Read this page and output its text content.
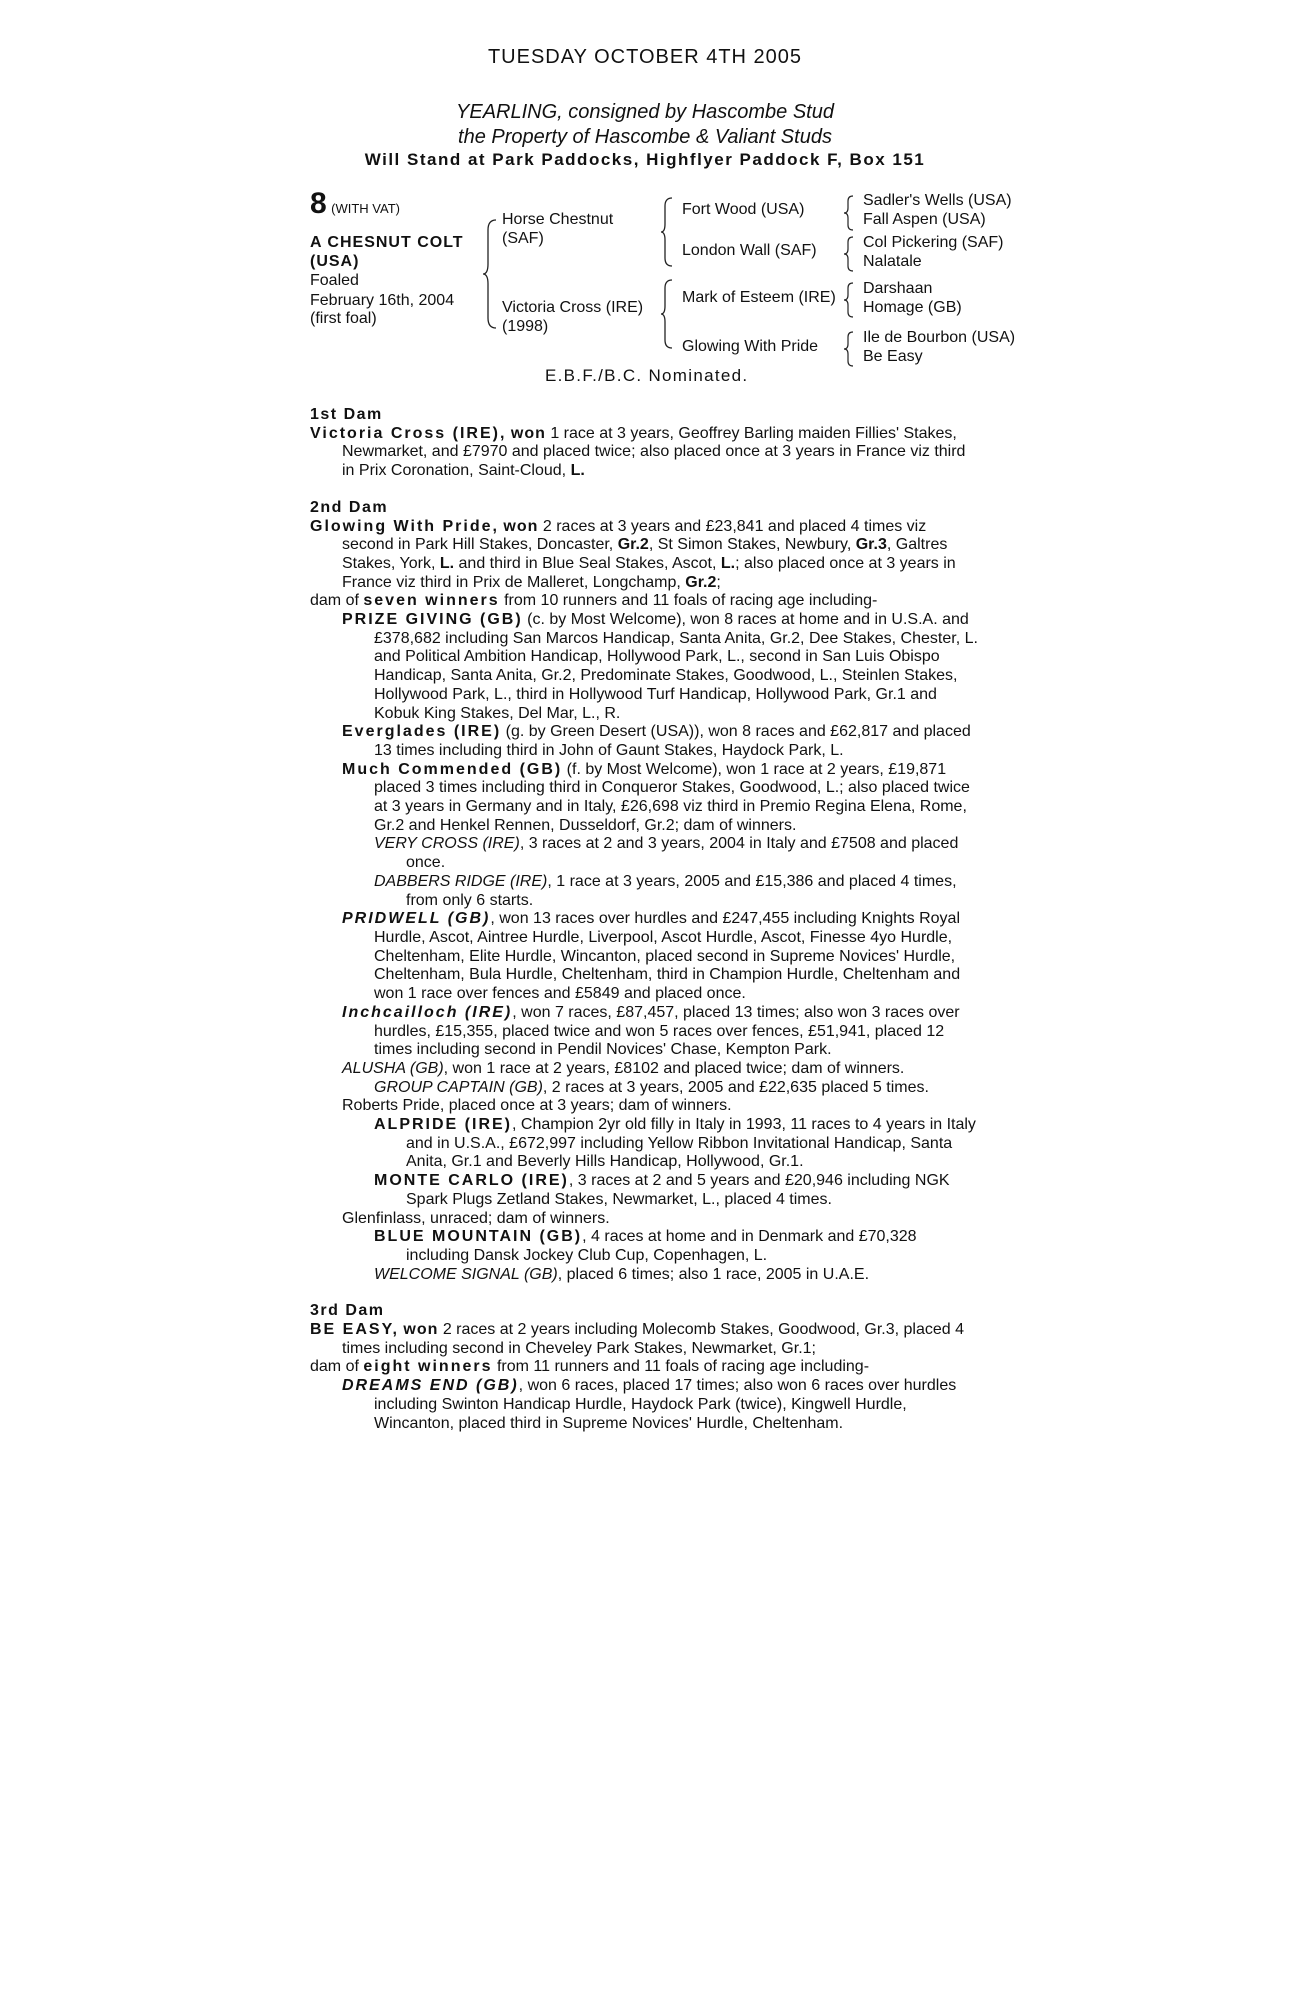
TUESDAY OCTOBER 4TH 2005
YEARLING, consigned by Hascombe Stud
the Property of Hascombe & Valiant Studs
Will Stand at Park Paddocks, Highflyer Paddock F, Box 151
8 (WITH VAT)
A CHESNUT COLT
(USA)
Foaled
February 16th, 2004
(first foal)
Horse Chestnut
(SAF)
Victoria Cross (IRE)
(1998)
Fort Wood (USA)
London Wall (SAF)
Mark of Esteem (IRE)
Glowing With Pride
Sadler's Wells (USA)
Fall Aspen (USA)
Col Pickering (SAF)
Nalatale
Darshaan
Homage (GB)
Ile de Bourbon (USA)
Be Easy
E.B.F./B.C. Nominated.

1st Dam

Victoria Cross (IRE), won 1 race at 3 years, Geoffrey Barling maiden Fillies' Stakes, Newmarket, and £7970 and placed twice; also placed once at 3 years in France viz third in Prix Coronation, Saint-Cloud, L.

2nd Dam

Glowing With Pride, won 2 races at 3 years and £23,841 and placed 4 times viz second in Park Hill Stakes, Doncaster, Gr.2, St Simon Stakes, Newbury, Gr.3, Galtres Stakes, York, L. and third in Blue Seal Stakes, Ascot, L.; also placed once at 3 years in France viz third in Prix de Malleret, Longchamp, Gr.2;

dam of seven winners from 10 runners and 11 foals of racing age including-

PRIZE GIVING (GB) (c. by Most Welcome), won 8 races at home and in U.S.A. and £378,682 including San Marcos Handicap, Santa Anita, Gr.2, Dee Stakes, Chester, L. and Political Ambition Handicap, Hollywood Park, L., second in San Luis Obispo Handicap, Santa Anita, Gr.2, Predominate Stakes, Goodwood, L., Steinlen Stakes, Hollywood Park, L., third in Hollywood Turf Handicap, Hollywood Park, Gr.1 and Kobuk King Stakes, Del Mar, L., R.

Everglades (IRE) (g. by Green Desert (USA)), won 8 races and £62,817 and placed 13 times including third in John of Gaunt Stakes, Haydock Park, L.

Much Commended (GB) (f. by Most Welcome), won 1 race at 2 years, £19,871 placed 3 times including third in Conqueror Stakes, Goodwood, L.; also placed twice at 3 years in Germany and in Italy, £26,698 viz third in Premio Regina Elena, Rome, Gr.2 and Henkel Rennen, Dusseldorf, Gr.2; dam of winners.

VERY CROSS (IRE), 3 races at 2 and 3 years, 2004 in Italy and £7508 and placed once.

DABBERS RIDGE (IRE), 1 race at 3 years, 2005 and £15,386 and placed 4 times, from only 6 starts.

PRIDWELL (GB), won 13 races over hurdles and £247,455 including Knights Royal Hurdle, Ascot, Aintree Hurdle, Liverpool, Ascot Hurdle, Ascot, Finesse 4yo Hurdle, Cheltenham, Elite Hurdle, Wincanton, placed second in Supreme Novices' Hurdle, Cheltenham, Bula Hurdle, Cheltenham, third in Champion Hurdle, Cheltenham and won 1 race over fences and £5849 and placed once.

Inchcailloch (IRE), won 7 races, £87,457, placed 13 times; also won 3 races over hurdles, £15,355, placed twice and won 5 races over fences, £51,941, placed 12 times including second in Pendil Novices' Chase, Kempton Park.

ALUSHA (GB), won 1 race at 2 years, £8102 and placed twice; dam of winners.

GROUP CAPTAIN (GB), 2 races at 3 years, 2005 and £22,635 placed 5 times.

Roberts Pride, placed once at 3 years; dam of winners.

ALPRIDE (IRE), Champion 2yr old filly in Italy in 1993, 11 races to 4 years in Italy and in U.S.A., £672,997 including Yellow Ribbon Invitational Handicap, Santa Anita, Gr.1 and Beverly Hills Handicap, Hollywood, Gr.1.

MONTE CARLO (IRE), 3 races at 2 and 5 years and £20,946 including NGK Spark Plugs Zetland Stakes, Newmarket, L., placed 4 times.

Glenfinlass, unraced; dam of winners.

BLUE MOUNTAIN (GB), 4 races at home and in Denmark and £70,328 including Dansk Jockey Club Cup, Copenhagen, L.

WELCOME SIGNAL (GB), placed 6 times; also 1 race, 2005 in U.A.E.

3rd Dam

BE EASY, won 2 races at 2 years including Molecomb Stakes, Goodwood, Gr.3, placed 4 times including second in Cheveley Park Stakes, Newmarket, Gr.1;

dam of eight winners from 11 runners and 11 foals of racing age including-

DREAMS END (GB), won 6 races, placed 17 times; also won 6 races over hurdles including Swinton Handicap Hurdle, Haydock Park (twice), Kingwell Hurdle, Wincanton, placed third in Supreme Novices' Hurdle, Cheltenham.
